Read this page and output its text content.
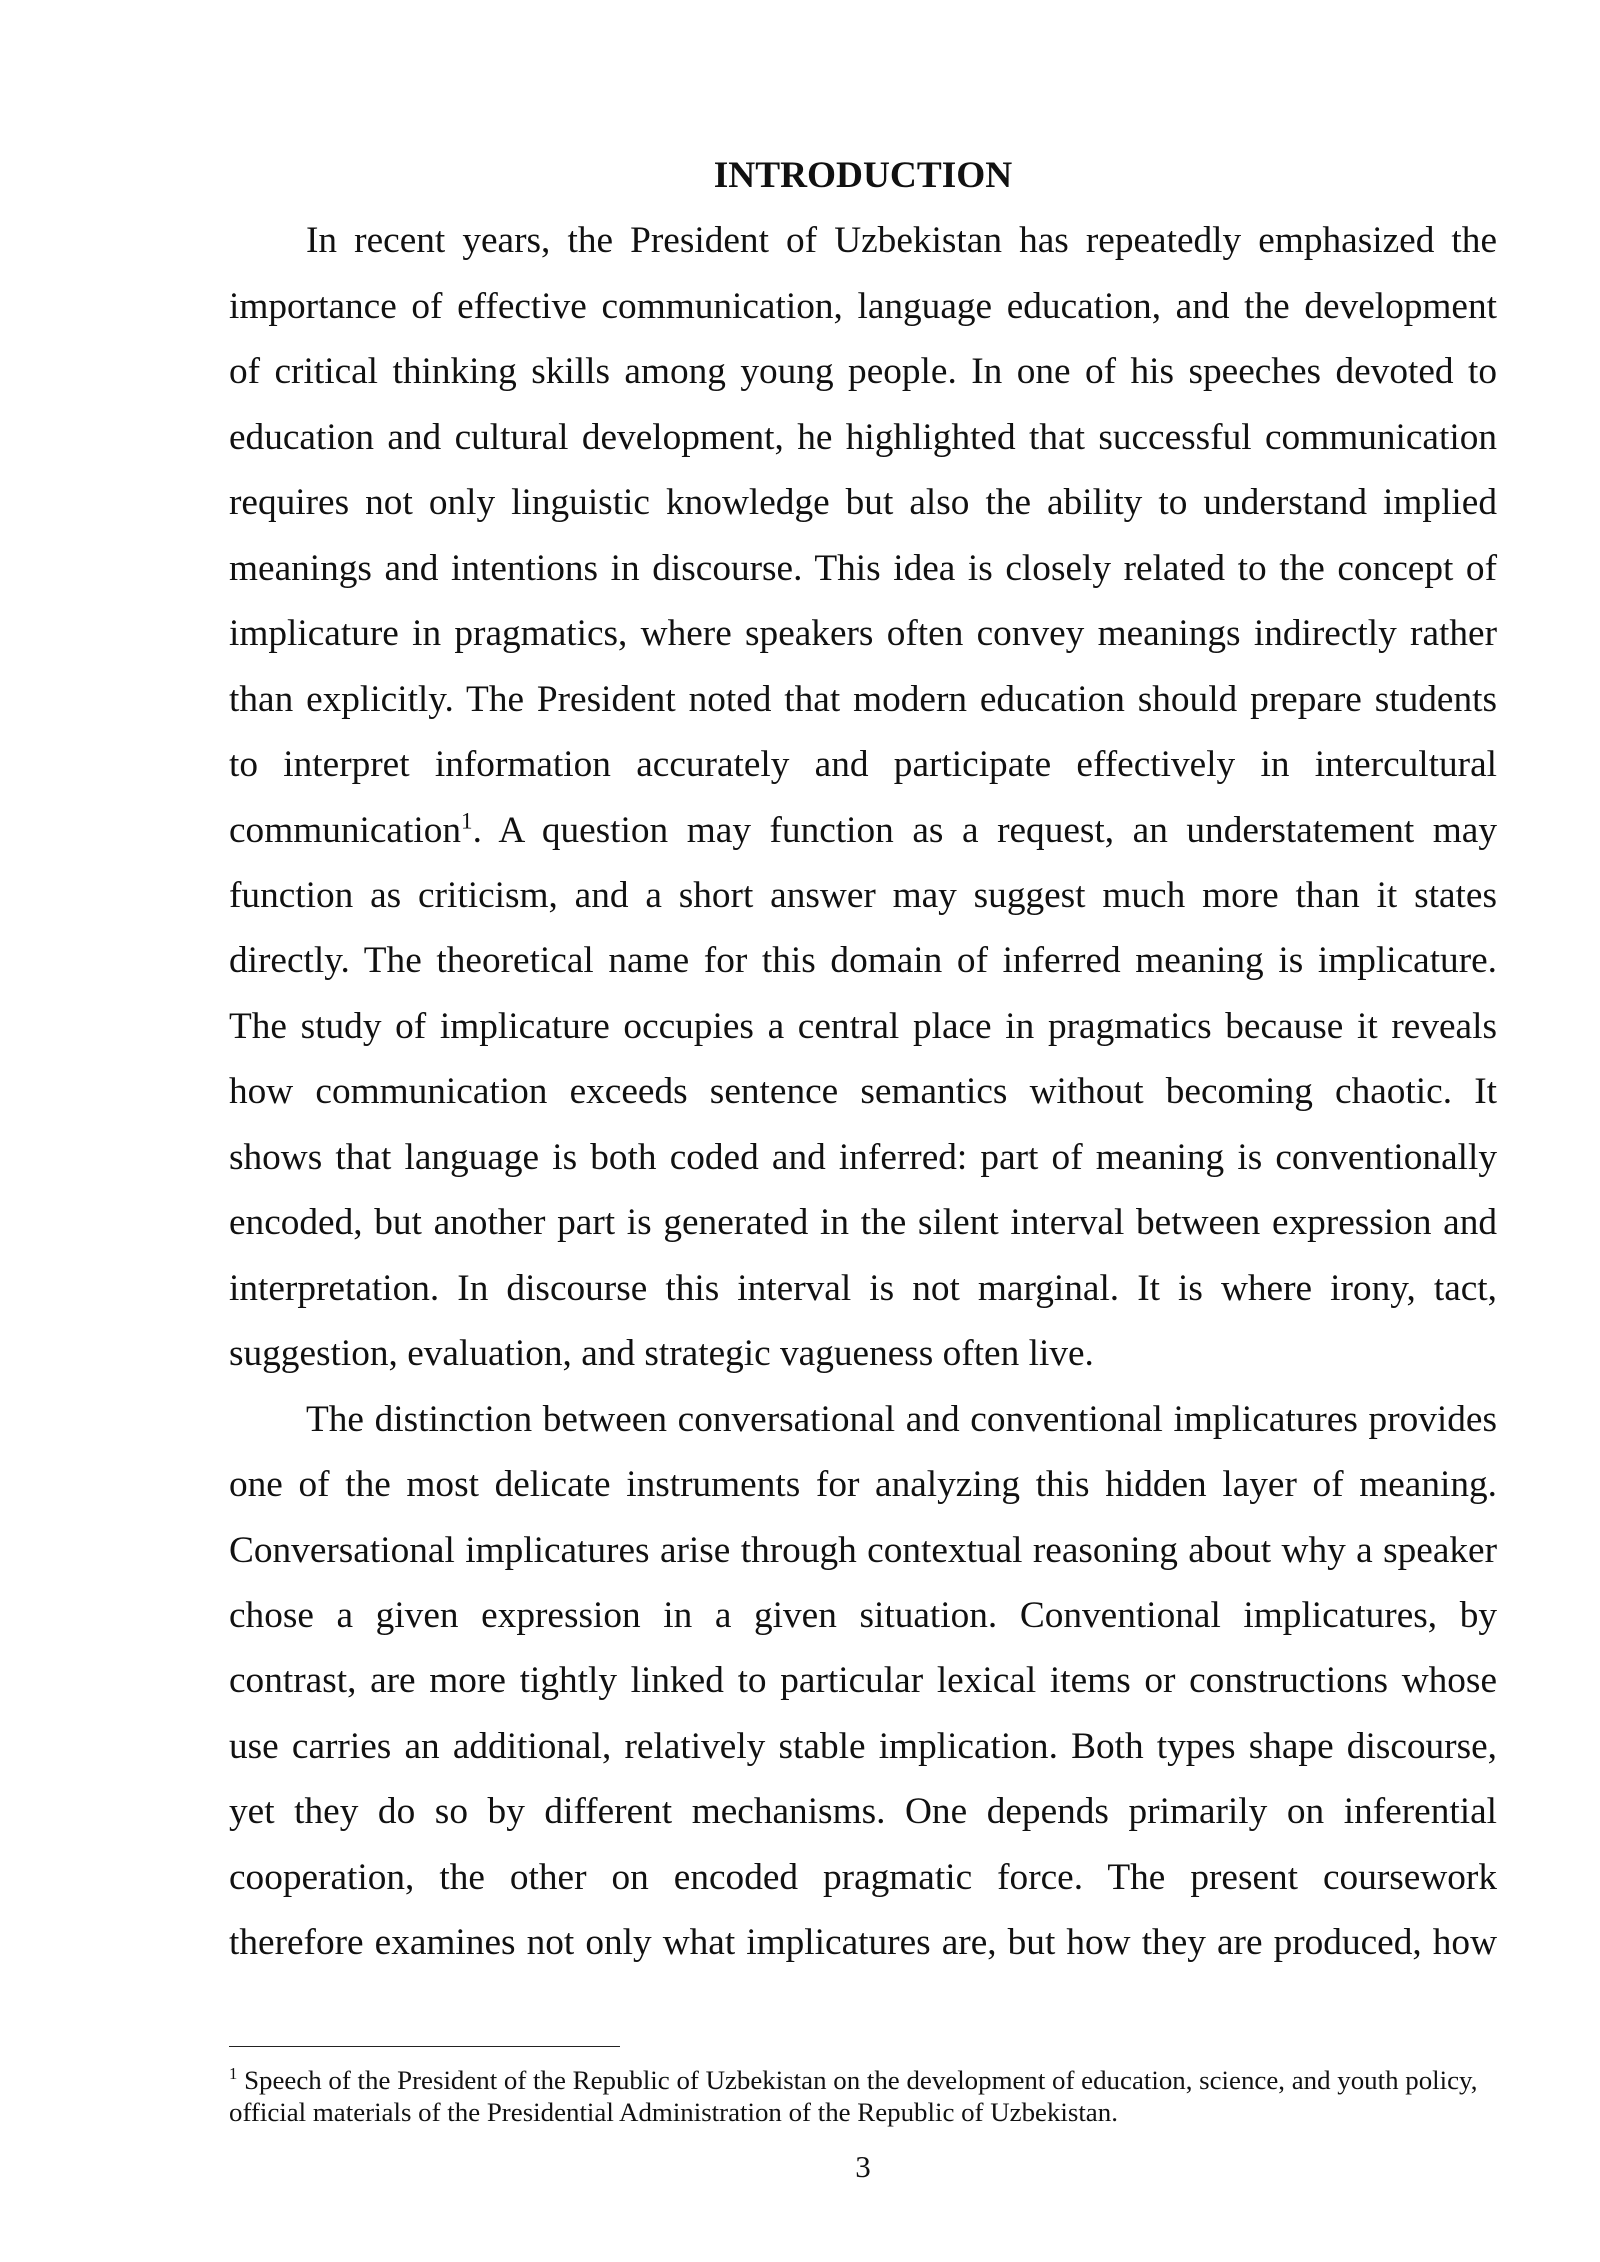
INTRODUCTION
In recent years, the President of Uzbekistan has repeatedly emphasized the
importance of effective communication, language education, and the development
of critical thinking skills among young people. In one of his speeches devoted to
education and cultural development, he highlighted that successful communication
requires not only linguistic knowledge but also the ability to understand implied
meanings and intentions in discourse. This idea is closely related to the concept of
implicature in pragmatics, where speakers often convey meanings indirectly rather
than explicitly. The President noted that modern education should prepare students
to interpret information accurately and participate effectively in intercultural
communication$^1$. A question may function as a request, an understatement may
function as criticism, and a short answer may suggest much more than it states
directly. The theoretical name for this domain of inferred meaning is implicature.
The study of implicature occupies a central place in pragmatics because it reveals
how communication exceeds sentence semantics without becoming chaotic. It
shows that language is both coded and inferred: part of meaning is conventionally
encoded, but another part is generated in the silent interval between expression and
interpretation. In discourse this interval is not marginal. It is where irony, tact,
suggestion, evaluation, and strategic vagueness often live.
The distinction between conversational and conventional implicatures provides
one of the most delicate instruments for analyzing this hidden layer of meaning.
Conversational implicatures arise through contextual reasoning about why a speaker
chose a given expression in a given situation. Conventional implicatures, by
contrast, are more tightly linked to particular lexical items or constructions whose
use carries an additional, relatively stable implication. Both types shape discourse,
yet they do so by different mechanisms. One depends primarily on inferential
cooperation, the other on encoded pragmatic force. The present coursework
therefore examines not only what implicatures are, but how they are produced, how
$^1$ Speech of the President of the Republic of Uzbekistan on the development of education, science, and youth policy,
official materials of the Presidential Administration of the Republic of Uzbekistan.
3
